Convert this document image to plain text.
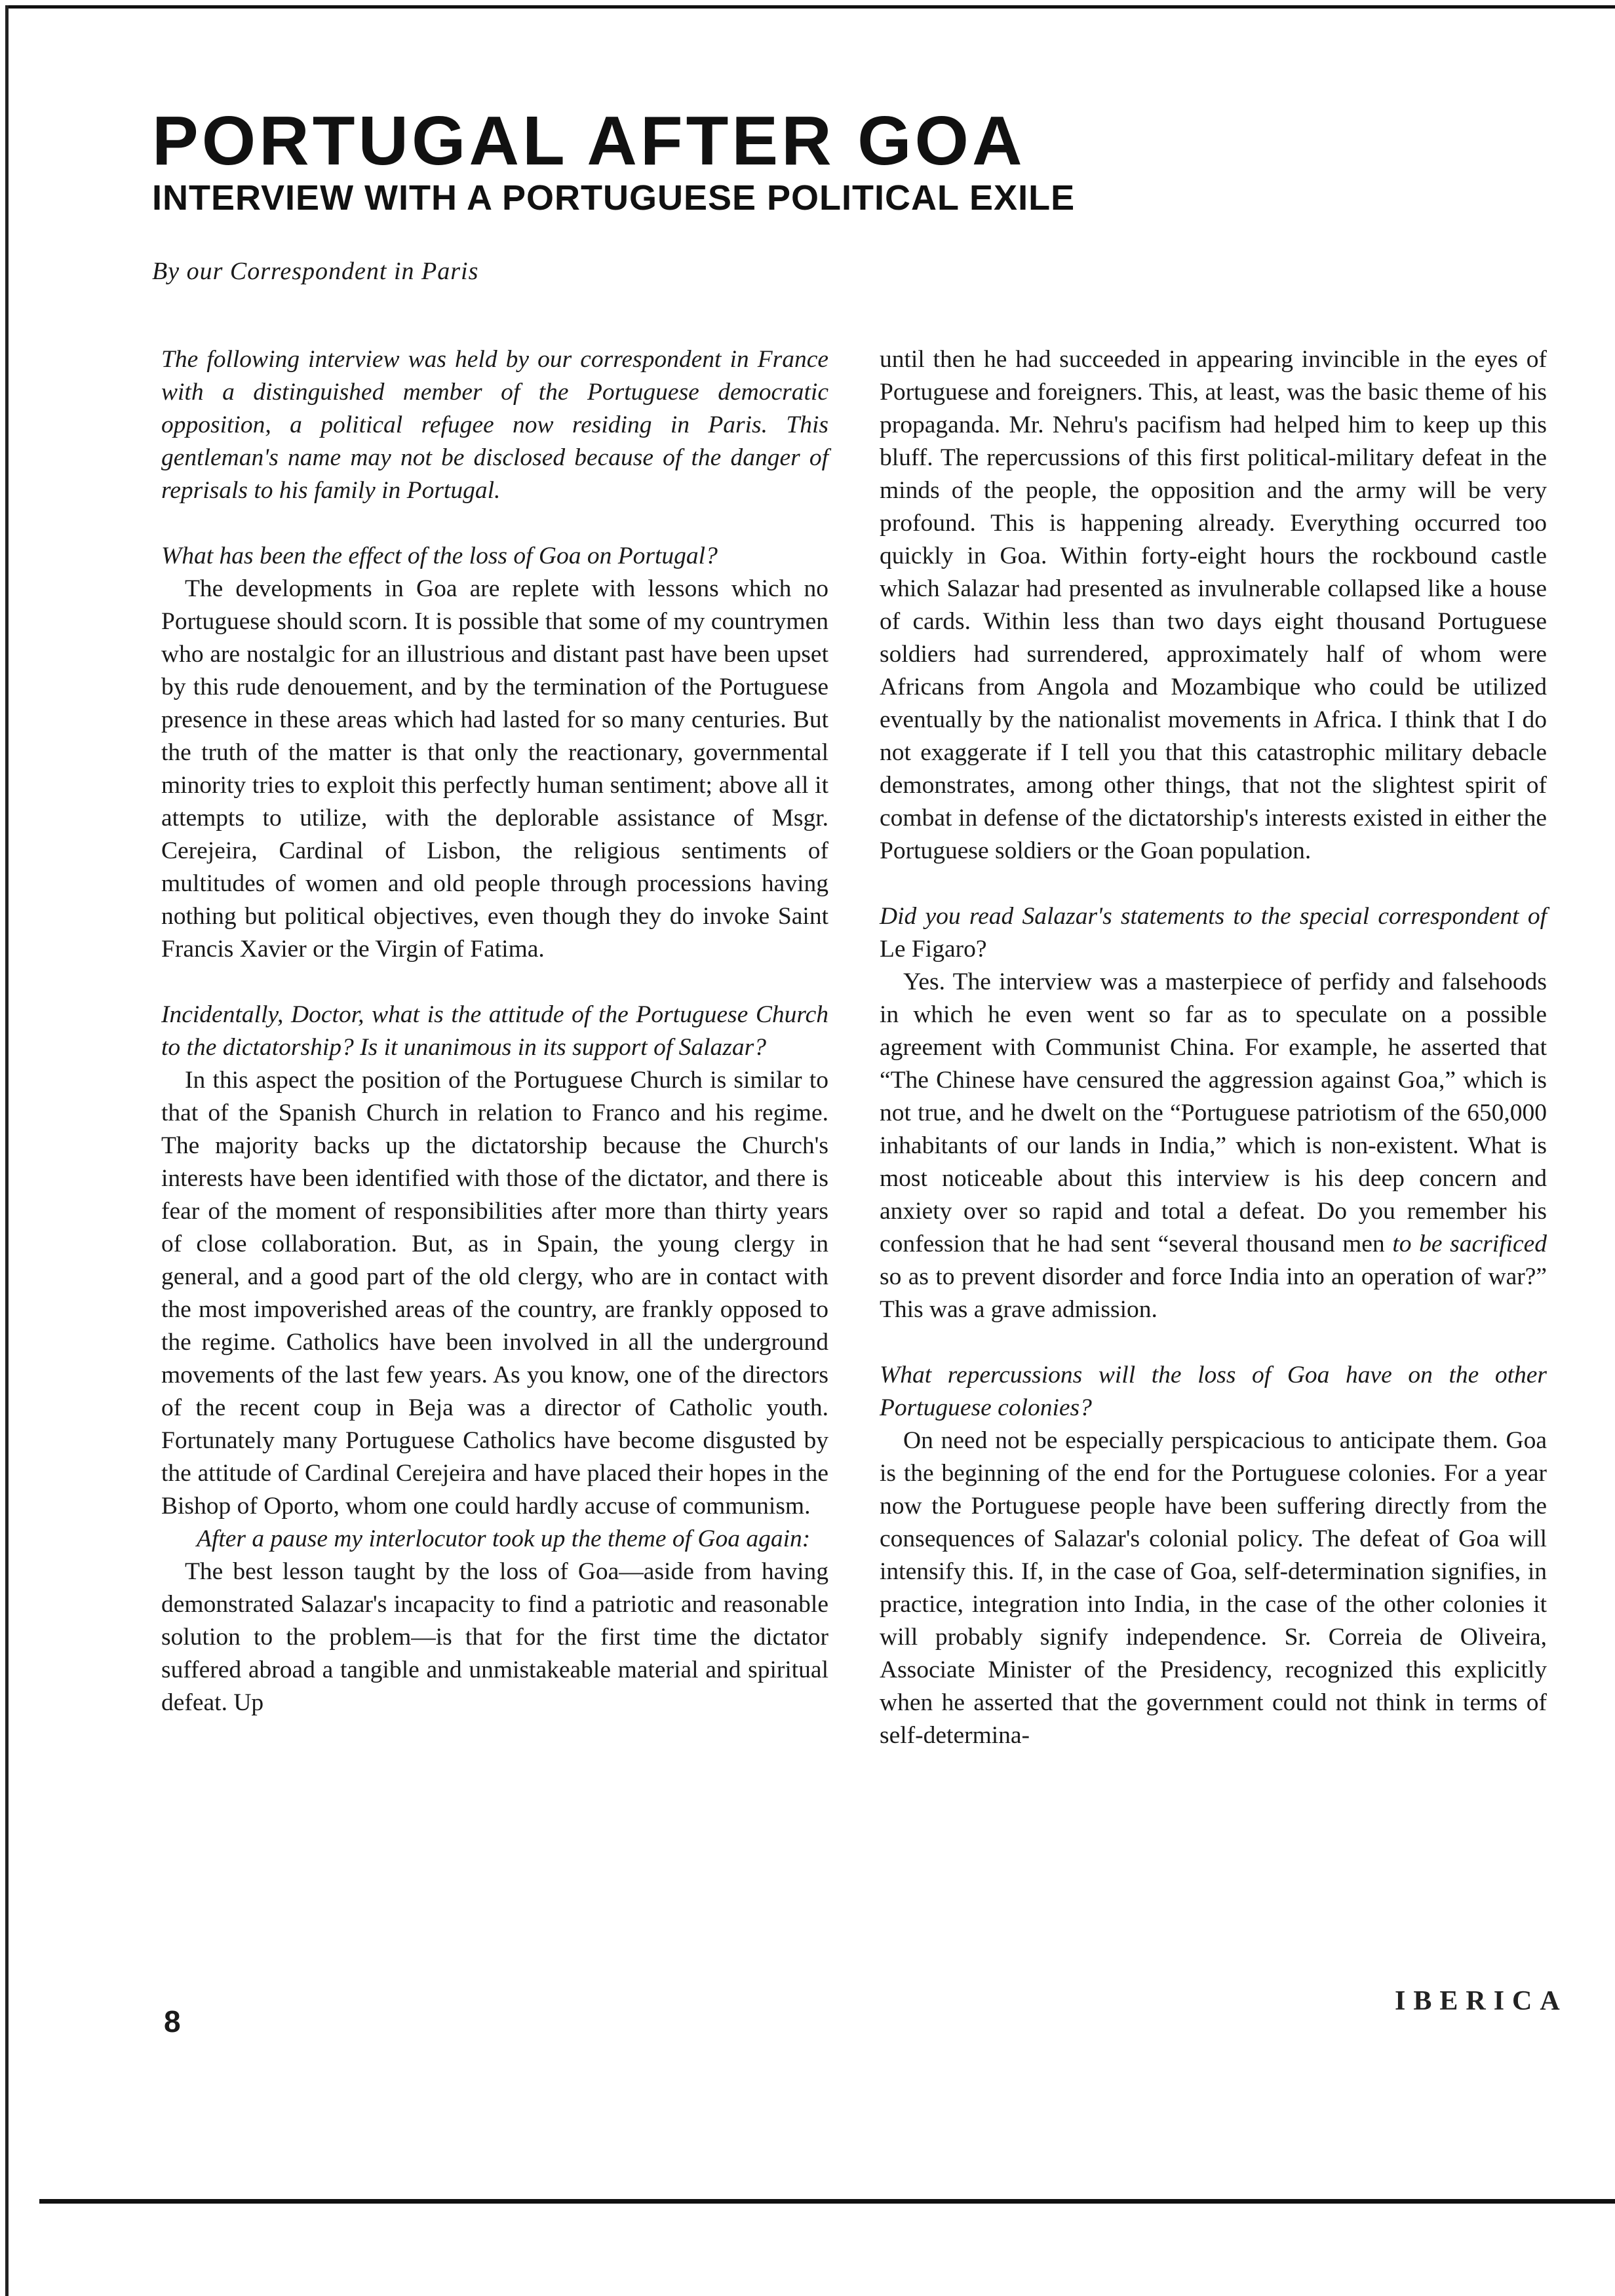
PORTUGAL AFTER GOA
INTERVIEW WITH A PORTUGUESE POLITICAL EXILE

By our Correspondent in Paris

The following interview was held by our correspondent in France with a distinguished member of the Portuguese democratic opposition, a political refugee now residing in Paris. This gentleman's name may not be disclosed because of the danger of reprisals to his family in Portugal.

What has been the effect of the loss of Goa on Portugal?

The developments in Goa are replete with lessons which no Portuguese should scorn. It is possible that some of my countrymen who are nostalgic for an illustrious and distant past have been upset by this rude denouement, and by the termination of the Portuguese presence in these areas which had lasted for so many centuries. But the truth of the matter is that only the reactionary, governmental minority tries to exploit this perfectly human sentiment; above all it attempts to utilize, with the deplorable assistance of Msgr. Cerejeira, Cardinal of Lisbon, the religious sentiments of multitudes of women and old people through processions having nothing but political objectives, even though they do invoke Saint Francis Xavier or the Virgin of Fatima.

Incidentally, Doctor, what is the attitude of the Portuguese Church to the dictatorship? Is it unanimous in its support of Salazar?

In this aspect the position of the Portuguese Church is similar to that of the Spanish Church in relation to Franco and his regime. The majority backs up the dictatorship because the Church's interests have been identified with those of the dictator, and there is fear of the moment of responsibilities after more than thirty years of close collaboration. But, as in Spain, the young clergy in general, and a good part of the old clergy, who are in contact with the most impoverished areas of the country, are frankly opposed to the regime. Catholics have been involved in all the underground movements of the last few years. As you know, one of the directors of the recent coup in Beja was a director of Catholic youth. Fortunately many Portuguese Catholics have become disgusted by the attitude of Cardinal Cerejeira and have placed their hopes in the Bishop of Oporto, whom one could hardly accuse of communism.

After a pause my interlocutor took up the theme of Goa again:

The best lesson taught by the loss of Goa—aside from having demonstrated Salazar's incapacity to find a patriotic and reasonable solution to the problem—is that for the first time the dictator suffered abroad a tangible and unmistakeable material and spiritual defeat. Up

until then he had succeeded in appearing invincible in the eyes of Portuguese and foreigners. This, at least, was the basic theme of his propaganda. Mr. Nehru's pacifism had helped him to keep up this bluff. The repercussions of this first political-military defeat in the minds of the people, the opposition and the army will be very profound. This is happening already. Everything occurred too quickly in Goa. Within forty-eight hours the rockbound castle which Salazar had presented as invulnerable collapsed like a house of cards. Within less than two days eight thousand Portuguese soldiers had surrendered, approximately half of whom were Africans from Angola and Mozambique who could be utilized eventually by the nationalist movements in Africa. I think that I do not exaggerate if I tell you that this catastrophic military debacle demonstrates, among other things, that not the slightest spirit of combat in defense of the dictatorship's interests existed in either the Portuguese soldiers or the Goan population.

Did you read Salazar's statements to the special correspondent of Le Figaro?

Yes. The interview was a masterpiece of perfidy and falsehoods in which he even went so far as to speculate on a possible agreement with Communist China. For example, he asserted that “The Chinese have censured the aggression against Goa,” which is not true, and he dwelt on the “Portuguese patriotism of the 650,000 inhabitants of our lands in India,” which is non-existent. What is most noticeable about this interview is his deep concern and anxiety over so rapid and total a defeat. Do you remember his confession that he had sent “several thousand men to be sacrificed so as to prevent disorder and force India into an operation of war?” This was a grave admission.

What repercussions will the loss of Goa have on the other Portuguese colonies?

On need not be especially perspicacious to anticipate them. Goa is the beginning of the end for the Portuguese colonies. For a year now the Portuguese people have been suffering directly from the consequences of Salazar's colonial policy. The defeat of Goa will intensify this. If, in the case of Goa, self-determination signifies, in practice, integration into India, in the case of the other colonies it will probably signify independence. Sr. Correia de Oliveira, Associate Minister of the Presidency, recognized this explicitly when he asserted that the government could not think in terms of self-determina-

8

IBERICA
